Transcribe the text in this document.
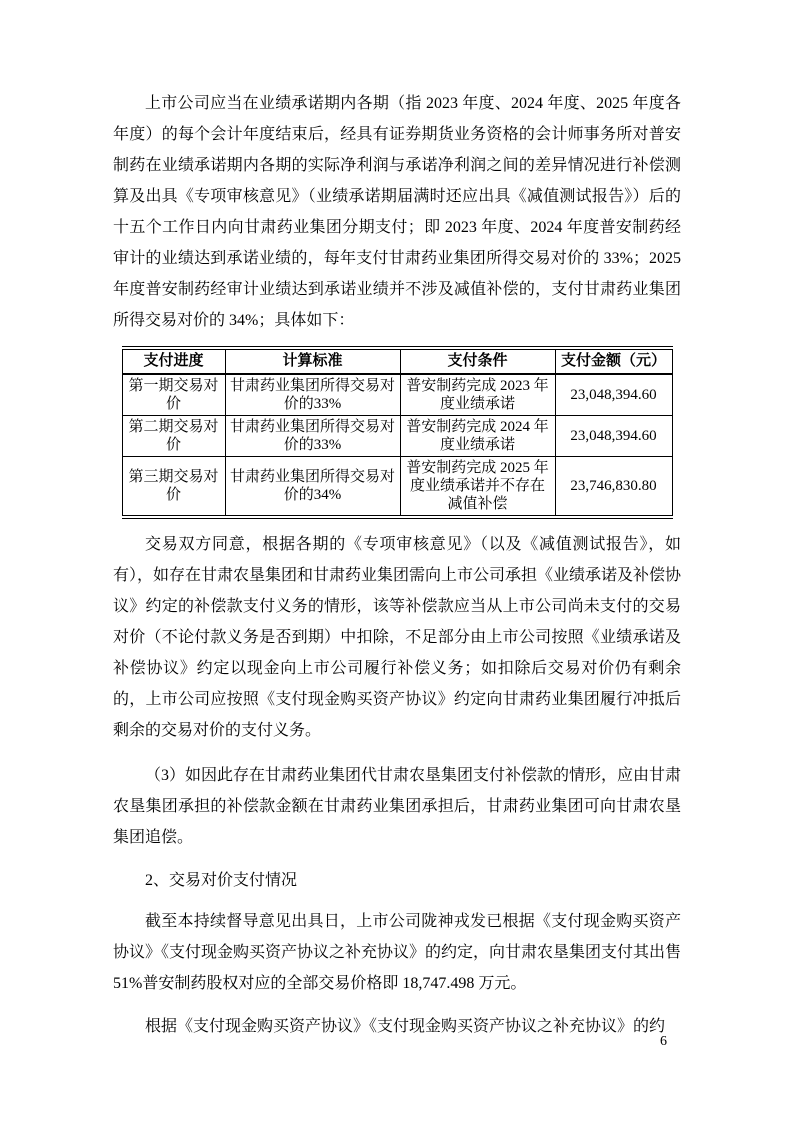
上市公司应当在业绩承诺期内各期（指 2023 年度、2024 年度、2025 年度各年度）的每个会计年度结束后，经具有证券期货业务资格的会计师事务所对普安制药在业绩承诺期内各期的实际净利润与承诺净利润之间的差异情况进行补偿测算及出具《专项审核意见》（业绩承诺期届满时还应出具《减值测试报告》）后的十五个工作日内向甘肃药业集团分期支付；即 2023 年度、2024 年度普安制药经审计的业绩达到承诺业绩的，每年支付甘肃药业集团所得交易对价的 33%；2025 年度普安制药经审计业绩达到承诺业绩并不涉及减值补偿的，支付甘肃药业集团所得交易对价的 34%；具体如下：

支付进度	计算标准	支付条件	支付金额（元）
第一期交易对价	甘肃药业集团所得交易对价的33%	普安制药完成 2023 年度业绩承诺	23,048,394.60
第二期交易对价	甘肃药业集团所得交易对价的33%	普安制药完成 2024 年度业绩承诺	23,048,394.60
第三期交易对价	甘肃药业集团所得交易对价的34%	普安制药完成 2025 年度业绩承诺并不存在减值补偿	23,746,830.80

交易双方同意，根据各期的《专项审核意见》（以及《减值测试报告》，如有），如存在甘肃农垦集团和甘肃药业集团需向上市公司承担《业绩承诺及补偿协议》约定的补偿款支付义务的情形，该等补偿款应当从上市公司尚未支付的交易对价（不论付款义务是否到期）中扣除，不足部分由上市公司按照《业绩承诺及补偿协议》约定以现金向上市公司履行补偿义务；如扣除后交易对价仍有剩余的，上市公司应按照《支付现金购买资产协议》约定向甘肃药业集团履行冲抵后剩余的交易对价的支付义务。

（3）如因此存在甘肃药业集团代甘肃农垦集团支付补偿款的情形，应由甘肃农垦集团承担的补偿款金额在甘肃药业集团承担后，甘肃药业集团可向甘肃农垦集团追偿。

2、交易对价支付情况

截至本持续督导意见出具日，上市公司陇神戎发已根据《支付现金购买资产协议》《支付现金购买资产协议之补充协议》的约定，向甘肃农垦集团支付其出售 51%普安制药股权对应的全部交易价格即 18,747.498 万元。

根据《支付现金购买资产协议》《支付现金购买资产协议之补充协议》的约

6
